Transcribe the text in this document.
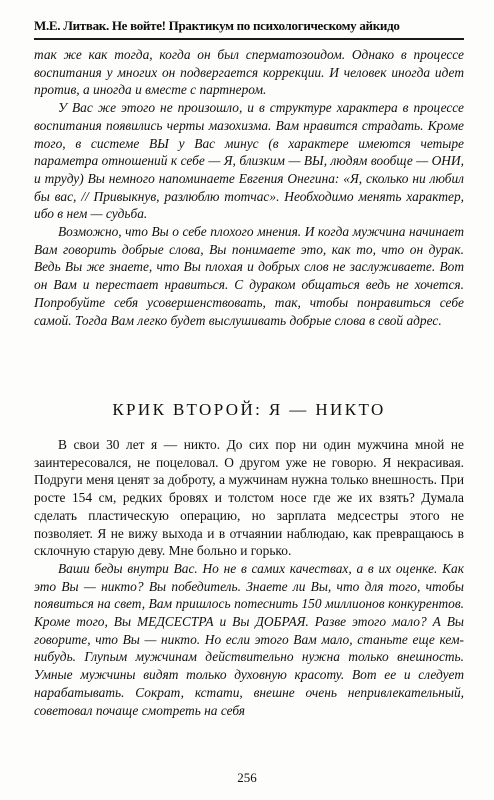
М.Е. Литвак. Не войте! Практикум по психологическому айкидо

так же как тогда, когда он был сперматозоидом. Однако в процессе воспитания у многих он подвергается коррекции. И человек иногда идет против, а иногда и вместе с партнером.

У Вас же этого не произошло, и в структуре характера в процессе воспитания появились черты мазохизма. Вам нравится страдать. Кроме того, в системе ВЫ у Вас минус (в характере имеются четыре параметра отношений к себе — Я, близким — ВЫ, людям вообще — ОНИ, и труду) Вы немного напоминаете Евгения Онегина: «Я, сколько ни любил бы вас, // Привыкнув, разлюблю тотчас». Необходимо менять характер, ибо в нем — судьба.

Возможно, что Вы о себе плохого мнения. И когда мужчина начинает Вам говорить добрые слова, Вы понимаете это, как то, что он дурак. Ведь Вы же знаете, что Вы плохая и добрых слов не заслуживаете. Вот он Вам и перестает нравиться. С дураком общаться ведь не хочется. Попробуйте себя усовершенствовать, так, чтобы понравиться себе самой. Тогда Вам легко будет выслушивать добрые слова в свой адрес.

КРИК ВТОРОЙ: Я — НИКТО

В свои 30 лет я — никто. До сих пор ни один мужчина мной не заинтересовался, не поцеловал. О другом уже не говорю. Я некрасивая. Подруги меня ценят за доброту, а мужчинам нужна только внешность. При росте 154 см, редких бровях и толстом носе где же их взять? Думала сделать пластическую операцию, но зарплата медсестры этого не позволяет. Я не вижу выхода и в отчаянии наблюдаю, как превращаюсь в склочную старую деву. Мне больно и горько.

Ваши беды внутри Вас. Но не в самих качествах, а в их оценке. Как это Вы — никто? Вы победитель. Знаете ли Вы, что для того, чтобы появиться на свет, Вам пришлось потеснить 150 миллионов конкурентов. Кроме того, Вы МЕДСЕСТРА и Вы ДОБРАЯ. Разве этого мало? А Вы говорите, что Вы — никто. Но если этого Вам мало, станьте еще кем-нибудь. Глупым мужчинам действительно нужна только внешность. Умные мужчины видят только духовную красоту. Вот ее и следует нарабатывать. Сократ, кстати, внешне очень непривлекательный, советовал почаще смотреть на себя

256
